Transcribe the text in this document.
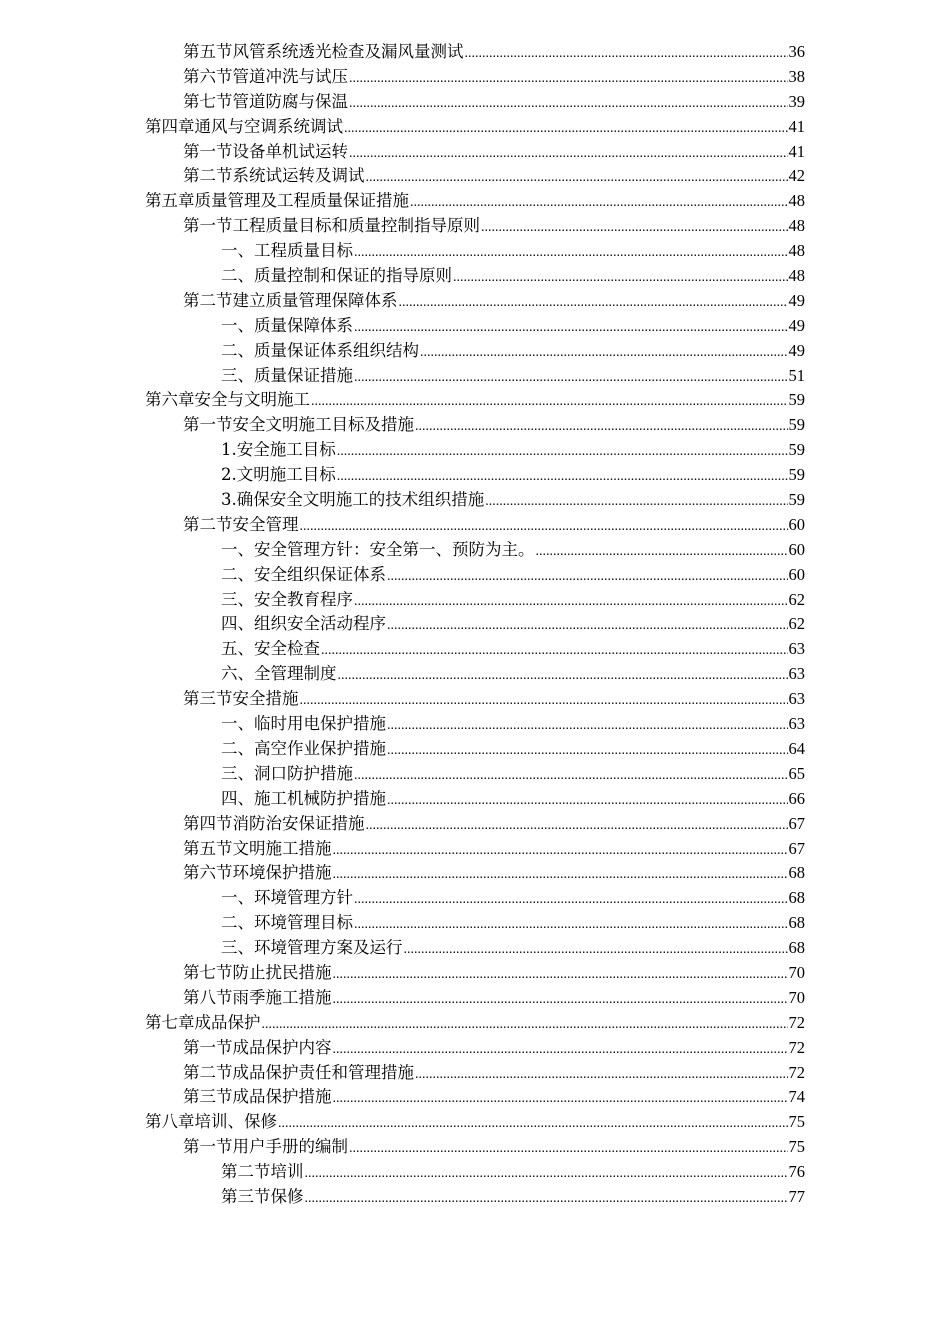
第五节风管系统透光检查及漏风量测试 .....	36
第六节管道冲洗与试压 .....	38
第七节管道防腐与保温 .....	39
第四章通风与空调系统调试 .....	41
第一节设备单机试运转 .....	41
第二节系统试运转及调试 .....	42
第五章质量管理及工程质量保证措施 .....	48
第一节工程质量目标和质量控制指导原则 .....	48
一、 工程质量目标 .....	48
二、 质量控制和保证的指导原则 .....	48
第二节建立质量管理保障体系 .....	49
一、 质量保障体系 .....	49
二、 质量保证体系组织结构 .....	49
三、 质量保证措施 .....	51
第六章安全与文明施工 .....	59
第一节安全文明施工目标及措施 .....	59
1. 安全施工目标 .....	59
2. 文明施工目标 .....	59
3. 确保安全文明施工的技术组织措施 .....	59
第二节安全管理 .....	60
一、 安全管理方针：安全第一、预防为主。 .....	60
二、 安全组织保证体系 .....	60
三、 安全教育程序 .....	62
四、 组织安全活动程序 .....	62
五、 安全检查 .....	63
六、 全管理制度 .....	63
第三节安全措施 .....	63
一、 临时用电保护措施 .....	63
二、 高空作业保护措施 .....	64
三、 洞口防护措施 .....	65
四、 施工机械防护措施 .....	66
第四节消防治安保证措施 .....	67
第五节文明施工措施 .....	67
第六节环境保护措施 .....	68
一、 环境管理方针 .....	68
二、 环境管理目标 .....	68
三、 环境管理方案及运行 .....	68
第七节防止扰民措施 .....	70
第八节雨季施工措施 .....	70
第七章成品保护 .....	72
第一节成品保护内容 .....	72
第二节成品保护责任和管理措施 .....	72
第三节成品保护措施 .....	74
第八章培训、保修 .....	75
第一节用户手册的编制 .....	75
第二节培训 .....	76
第三节保修 .....	77
